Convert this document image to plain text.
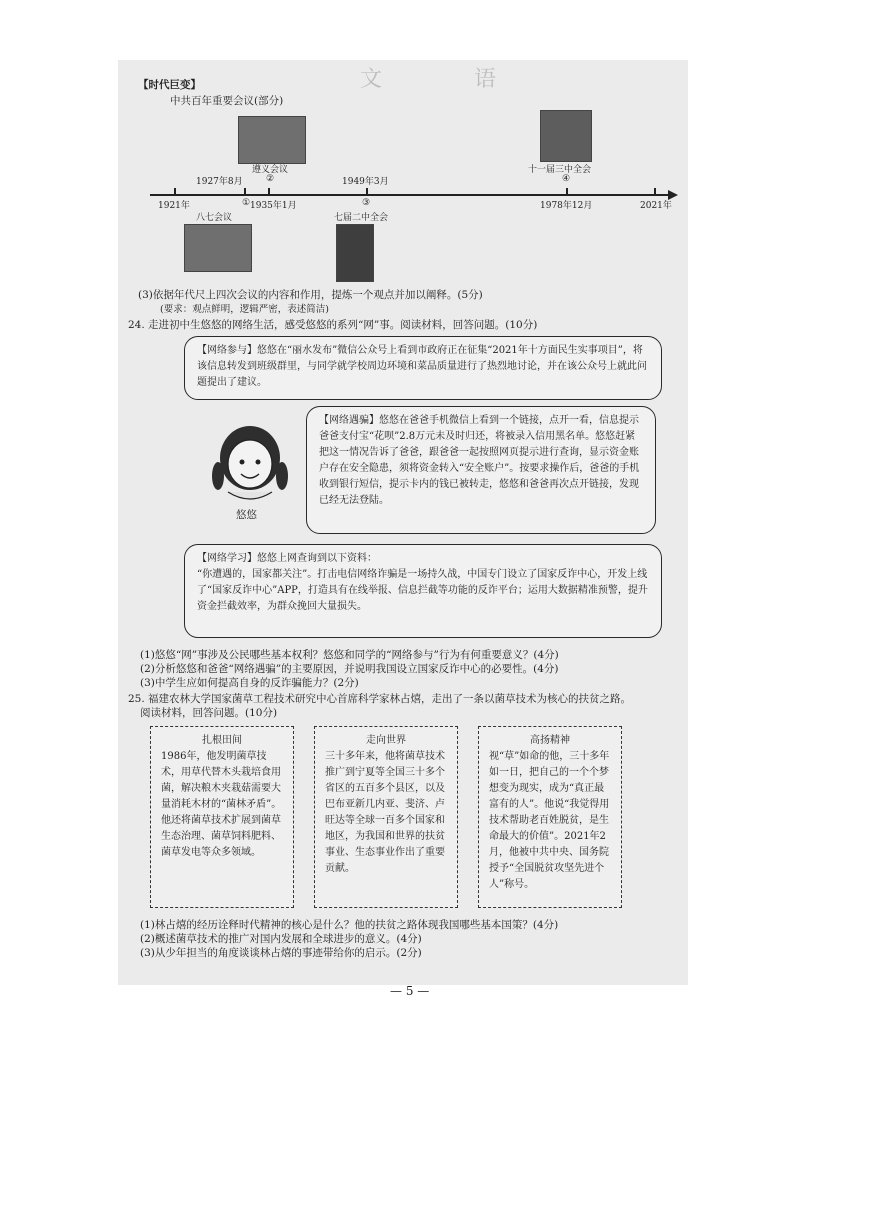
文        语
【时代巨变】
中共百年重要会议(部分)
1921年
1927年8月
1935年1月
1949年3月
1978年12月	2021年
①
②
③
④
八七会议
遵义会议
七届二中全会
十一届三中全会
(3)依据年代尺上四次会议的内容和作用，提炼一个观点并加以阐释。(5分)
(要求：观点鲜明，逻辑严密，表述简洁)
24. 走进初中生悠悠的网络生活，感受悠悠的系列“网”事。阅读材料，回答问题。(10分)
【网络参与】悠悠在“丽水发布”微信公众号上看到市政府正在征集“2021年十方面民生实事项目”，将该信息转发到班级群里，与同学就学校周边环境和菜品质量进行了热烈地讨论，并在该公众号上就此问题提出了建议。
悠悠
【网络遇骗】悠悠在爸爸手机微信上看到一个链接，点开一看，信息提示爸爸支付宝“花呗”2.8万元未及时归还，将被录入信用黑名单。悠悠赶紧把这一情况告诉了爸爸，跟爸爸一起按照网页提示进行查询，显示资金账户存在安全隐患，须将资金转入“安全账户”。按要求操作后，爸爸的手机收到银行短信，提示卡内的钱已被转走，悠悠和爸爸再次点开链接，发现已经无法登陆。
【网络学习】悠悠上网查询到以下资料：
“你遭遇的，国家都关注”。打击电信网络诈骗是一场持久战，中国专门设立了国家反诈中心，开发上线了“国家反诈中心”APP，打造具有在线举报、信息拦截等功能的反诈平台；运用大数据精准预警，提升资金拦截效率，为群众挽回大量损失。
(1)悠悠“网”事涉及公民哪些基本权利？悠悠和同学的“网络参与”行为有何重要意义？(4分)
(2)分析悠悠和爸爸“网络遇骗”的主要原因，并说明我国设立国家反诈中心的必要性。(4分)
(3)中学生应如何提高自身的反诈骗能力？(2分)
25. 福建农林大学国家菌草工程技术研究中心首席科学家林占熺，走出了一条以菌草技术为核心的扶贫之路。
阅读材料，回答问题。(10分)
扎根田间
1986年，他发明菌草技术，用草代替木头栽培食用菌，解决粮木夹栽菇需要大量消耗木材的“菌林矛盾”。他还将菌草技术扩展到菌草生态治理、菌草饲料肥料、菌草发电等众多领域。
走向世界
三十多年来，他将菌草技术推广到宁夏等全国三十多个省区的五百多个县区，以及巴布亚新几内亚、斐济、卢旺达等全球一百多个国家和地区，为我国和世界的扶贫事业、生态事业作出了重要贡献。
高扬精神
视“草”如命的他，三十多年如一日，把自己的一个个梦想变为现实，成为“真正最富有的人”。他说“我觉得用技术帮助老百姓脱贫，是生命最大的价值”。2021年2月，他被中共中央、国务院授予“全国脱贫攻坚先进个人”称号。
(1)林占熺的经历诠释时代精神的核心是什么？他的扶贫之路体现我国哪些基本国策？(4分)
(2)概述菌草技术的推广对国内发展和全球进步的意义。(4分)
(3)从少年担当的角度谈谈林占熺的事迹带给你的启示。(2分)
— 5 —
